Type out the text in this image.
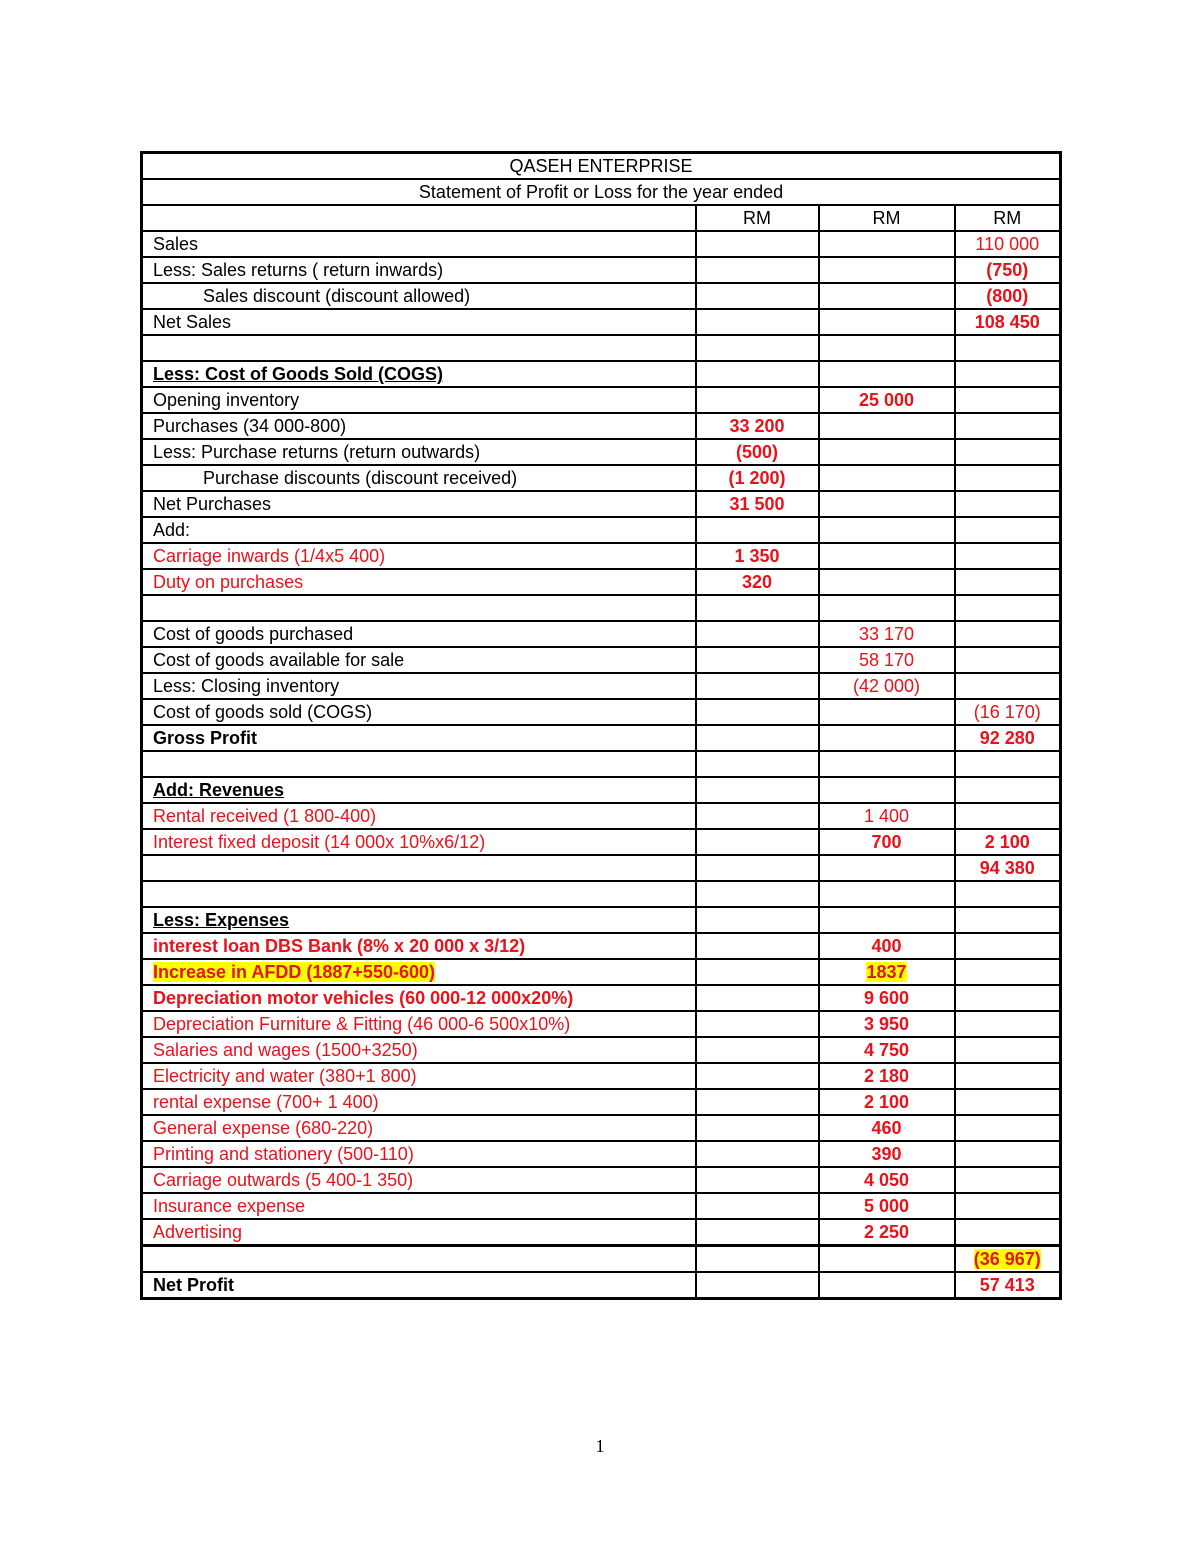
QASEH ENTERPRISE			
Statement of Profit or Loss for the year ended			
	RM	RM	RM
Sales			110 000
Less: Sales returns ( return inwards)			(750)
Sales discount (discount allowed)			(800)
Net Sales			108 450

Less: Cost of Goods Sold (COGS)			
Opening inventory		25 000	
Purchases (34 000-800)	33 200		
Less: Purchase returns (return outwards)	(500)		
Purchase discounts (discount received)	(1 200)		
Net Purchases	31 500		
Add:			
Carriage inwards (1/4x5 400)	1 350		
Duty on purchases	320		

Cost of goods purchased		33 170	
Cost of goods available for sale		58 170	
Less: Closing inventory		(42 000)	
Cost of goods sold (COGS)			(16 170)
Gross Profit			92 280

Add: Revenues			
Rental received (1 800-400)		1 400	
Interest fixed deposit (14 000x 10%x6/12)		700	2 100
			94 380

Less: Expenses			
interest loan DBS Bank (8% x 20 000 x 3/12)		400	
Increase in AFDD (1887+550-600)		1837	
Depreciation motor vehicles (60 000-12 000x20%)		9 600	
Depreciation Furniture & Fitting (46 000-6 500x10%)		3 950	
Salaries and wages (1500+3250)		4 750	
Electricity and water (380+1 800)		2 180	
rental expense (700+ 1 400)		2 100	
General expense (680-220)		460	
Printing and stationery (500-110)		390	
Carriage outwards (5 400-1 350)		4 050	
Insurance expense		5 000	
Advertising		2 250	
			(36 967)
Net Profit			57 413
1
